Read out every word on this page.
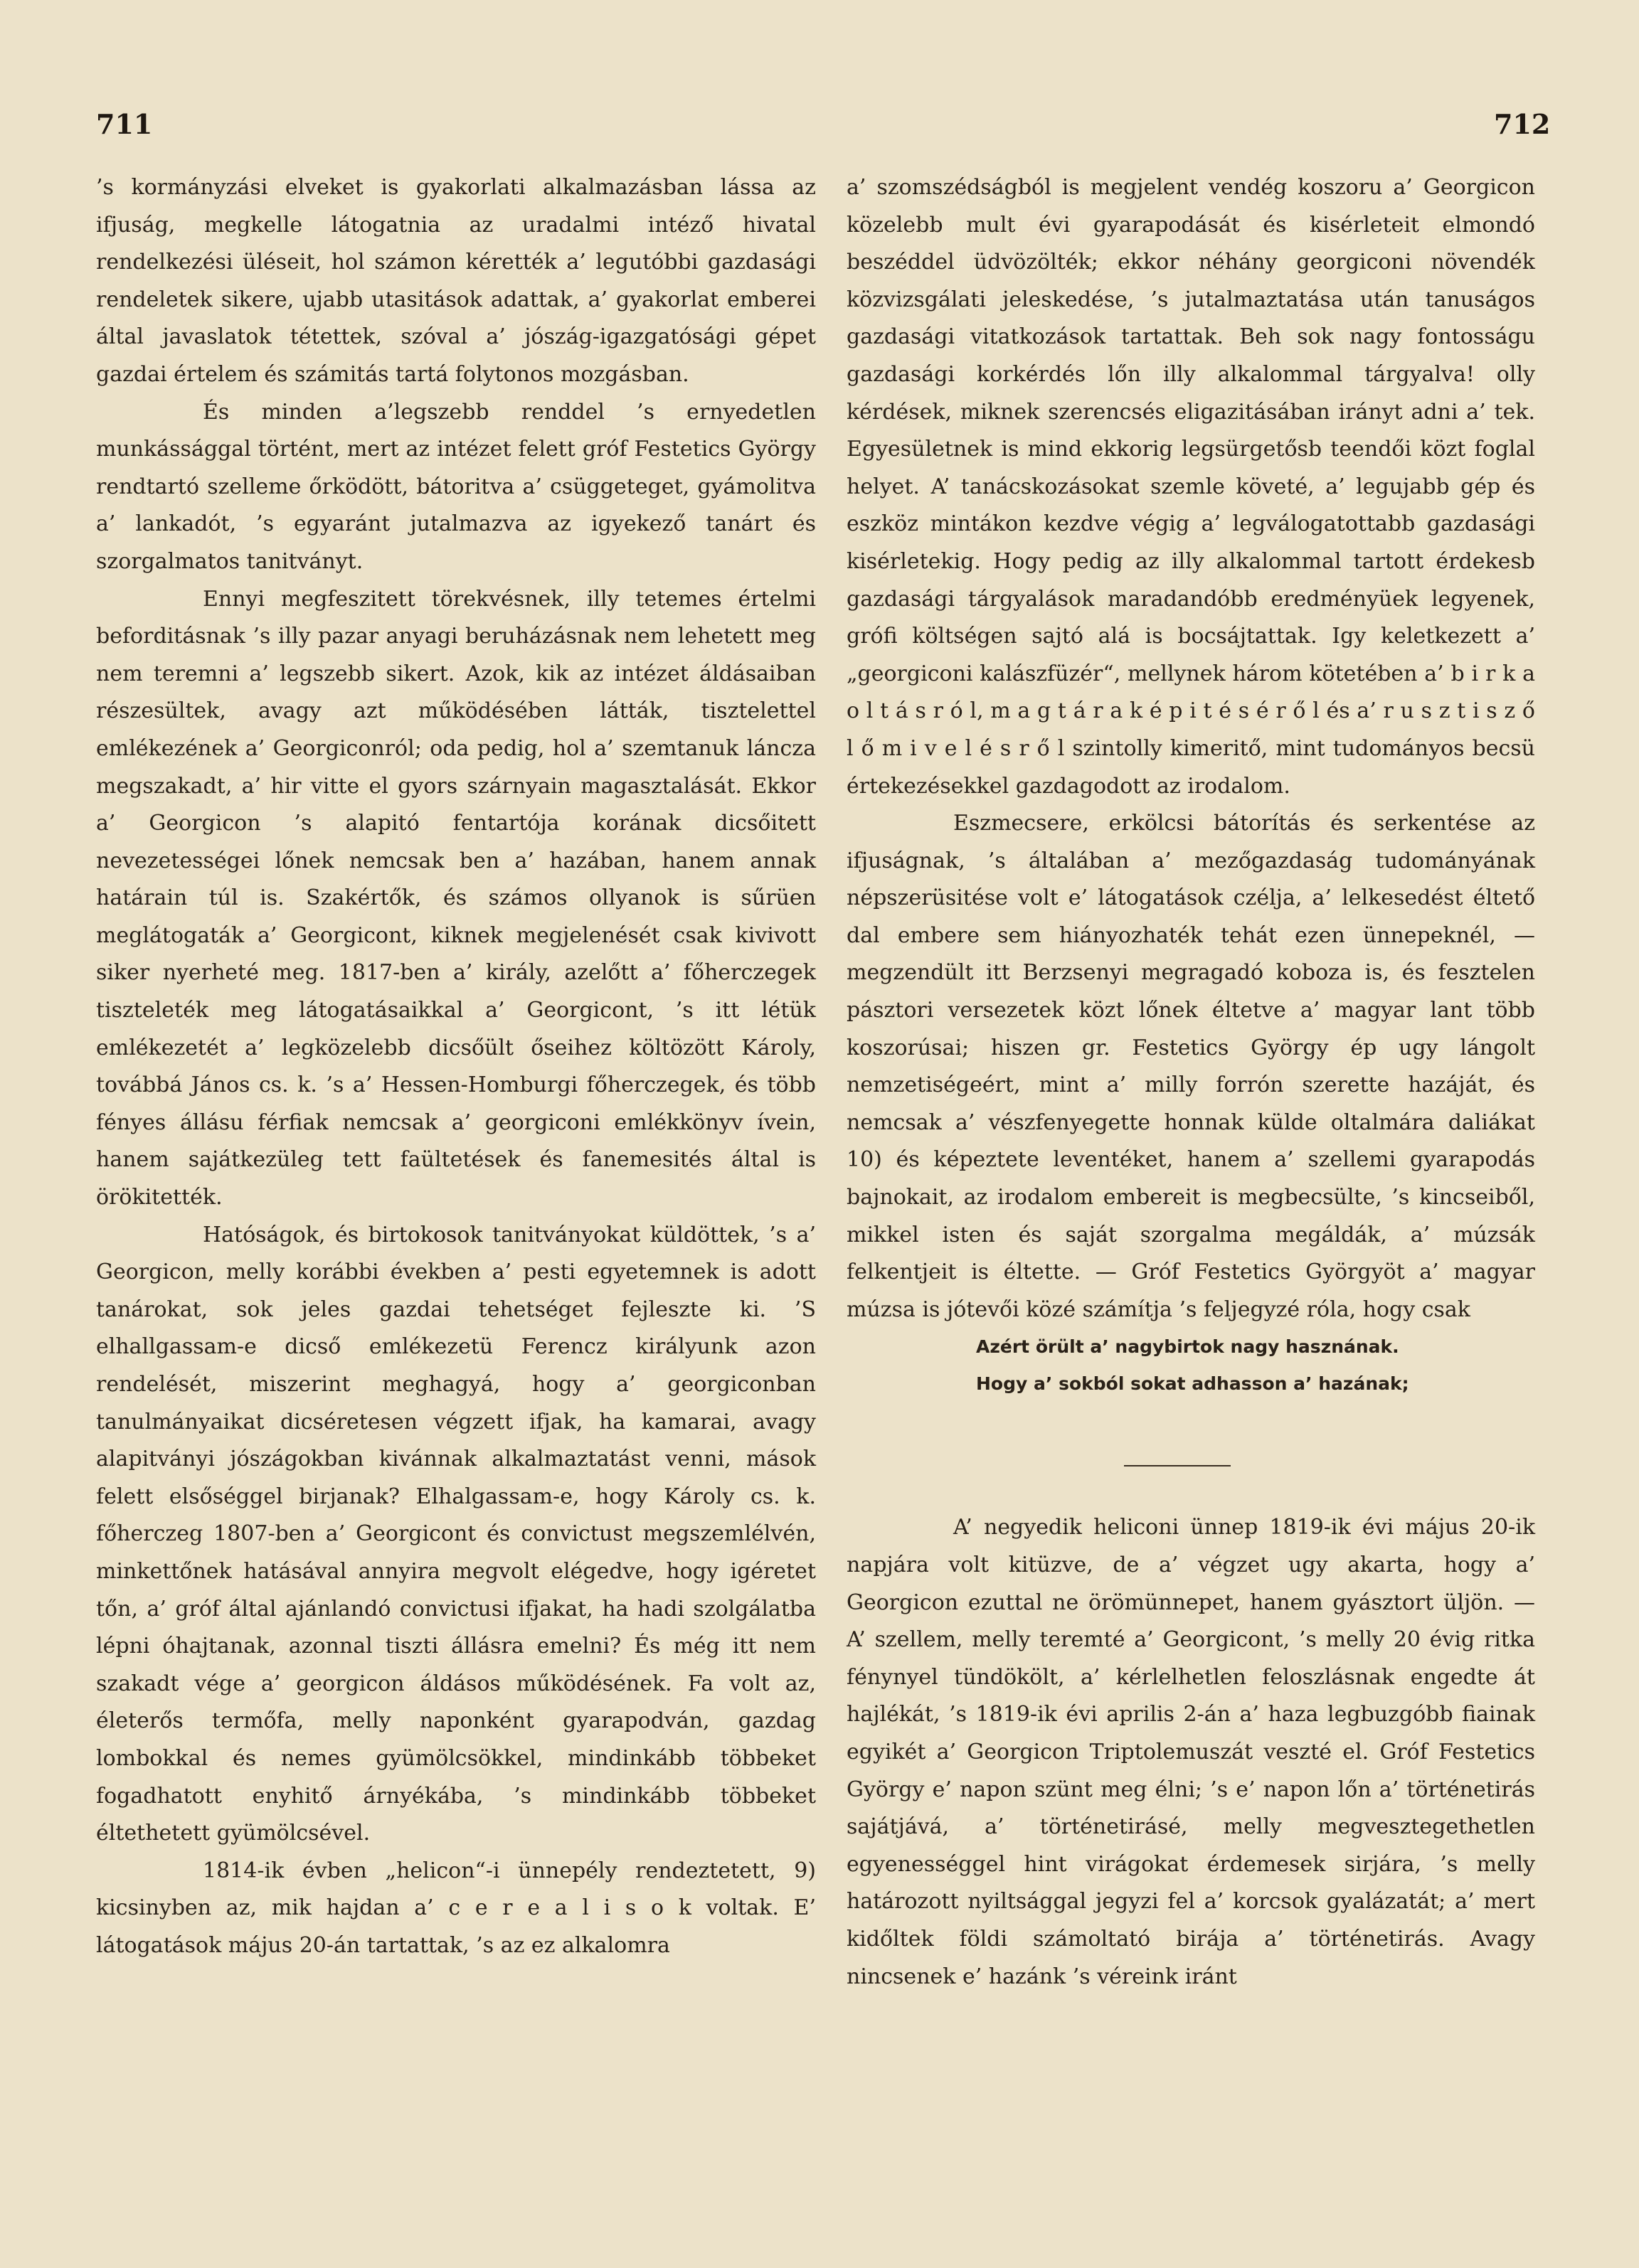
711	712

’s kormányzási elveket is gyakorlati alkalmazásban lássa az ifjuság, megkelle látogatnia az uradalmi intéző hivatal rendelkezési üléseit, hol számon kérették a’ legutóbbi gazdasági rendeletek sikere, ujabb utasitások adattak, a’ gyakorlat emberei által javaslatok tétettek, szóval a’ jószág-igazgatósági gépet gazdai értelem és számitás tartá folytonos mozgásban.

És minden a’legszebb renddel ’s ernyedetlen munkássággal történt, mert az intézet felett gróf Festetics György rendtartó szelleme őrködött, bátoritva a’ csüggeteget, gyámolitva a’ lankadót, ’s egyaránt jutalmazva az igyekező tanárt és szorgalmatos tanitványt.

Ennyi megfeszitett törekvésnek, illy tetemes értelmi beforditásnak ’s illy pazar anyagi beruházásnak nem lehetett meg nem teremni a’ legszebb sikert. Azok, kik az intézet áldásaiban részesültek, avagy azt működésében látták, tisztelettel emlékezének a’ Georgiconról; oda pedig, hol a’ szemtanuk láncza megszakadt, a’ hir vitte el gyors szárnyain magasztalását. Ekkor a’ Georgicon ’s alapitó fentartója korának dicsőitett nevezetességei lőnek nemcsak ben a’ hazában, hanem annak határain túl is. Szakértők, és számos ollyanok is sűrüen meglátogaták a’ Georgicont, kiknek megjelenését csak kivivott siker nyerheté meg. 1817-ben a’ király, azelőtt a’ főherczegek tiszteleték meg látogatásaikkal a’ Georgicont, ’s itt létük emlékezetét a’ legközelebb dicsőült őseihez költözött Károly, továbbá János cs. k. ’s a’ Hessen-Homburgi főherczegek, és több fényes állásu férfiak nemcsak a’ georgiconi emlékkönyv ívein, hanem sajátkezüleg tett faültetések és fanemesités által is örökitették.

Hatóságok, és birtokosok tanitványokat küldöttek, ’s a’ Georgicon, melly korábbi években a’ pesti egyetemnek is adott tanárokat, sok jeles gazdai tehetséget fejleszte ki. ’S elhallgassam-e dicső emlékezetü Ferencz királyunk azon rendelését, miszerint meghagyá, hogy a’ georgiconban tanulmányaikat dicséretesen végzett ifjak, ha kamarai, avagy alapitványi jószágokban kivánnak alkalmaztatást venni, mások felett elsőséggel birjanak? Elhalgassam-e, hogy Károly cs. k. főherczeg 1807-ben a’ Georgicont és convictust megszemlélvén, minkettőnek hatásával annyira megvolt elégedve, hogy igéretet tőn, a’ gróf által ajánlandó convictusi ifjakat, ha hadi szolgálatba lépni óhajtanak, azonnal tiszti állásra emelni? És még itt nem szakadt vége a’ georgicon áldásos működésének. Fa volt az, életerős termőfa, melly naponként gyarapodván, gazdag lombokkal és nemes gyümölcsökkel, mindinkább többeket fogadhatott enyhitő árnyékába, ’s mindinkább többeket éltethetett gyümölcsével.

1814-ik évben „helicon“-i ünnepély rendeztetett, 9) kicsinyben az, mik hajdan a’ c e r e a l i s o k voltak. E’ látogatások május 20-án tartattak, ’s az ez alkalomra

a’ szomszédságból is megjelent vendég koszoru a’ Georgicon közelebb mult évi gyarapodását és kisérleteit elmondó beszéddel üdvözölték; ekkor néhány georgiconi növendék közvizsgálati jeleskedése, ’s jutalmaztatása után tanuságos gazdasági vitatkozások tartattak. Beh sok nagy fontosságu gazdasági korkérdés lőn illy alkalommal tárgyalva! olly kérdések, miknek szerencsés eligazitásában irányt adni a’ tek. Egyesületnek is mind ekkorig legsürgetősb teendői közt foglal helyet. A’ tanácskozásokat szemle követé, a’ legujabb gép és eszköz mintákon kezdve végig a’ legválogatottabb gazdasági kisérletekig. Hogy pedig az illy alkalommal tartott érdekesb gazdasági tárgyalások maradandóbb eredményüek legyenek, grófi költségen sajtó alá is bocsájtattak. Igy keletkezett a’ „georgiconi kalászfüzér“, mellynek három kötetében a’ b i r k a o l t á s r ó l, m a g t á r a k é p i t é s é r ő l és a’ r u s z t i s z ő l ő m i v e l é s r ő l szintolly kimeritő, mint tudományos becsü értekezésekkel gazdagodott az irodalom.

Eszmecsere, erkölcsi bátorítás és serkentése az ifjuságnak, ’s általában a’ mezőgazdaság tudományának népszerüsitése volt e’ látogatások czélja, a’ lelkesedést éltető dal embere sem hiányozhaték tehát ezen ünnepeknél, — megzendült itt Berzsenyi megragadó koboza is, és fesztelen pásztori versezetek közt lőnek éltetve a’ magyar lant több koszorúsai; hiszen gr. Festetics György ép ugy lángolt nemzetiségeért, mint a’ milly forrón szerette hazáját, és nemcsak a’ vészfenyegette honnak külde oltalmára daliákat 10) és képeztete leventéket, hanem a’ szellemi gyarapodás bajnokait, az irodalom embereit is megbecsülte, ’s kincseiből, mikkel isten és saját szorgalma megáldák, a’ múzsák felkentjeit is éltette. — Gróf Festetics Györgyöt a’ magyar múzsa is jótevői közé számítja ’s feljegyzé róla, hogy csak

Azért örült a’ nagybirtok nagy hasznának.
Hogy a’ sokból sokat adhasson a’ hazának;

A’ negyedik heliconi ünnep 1819-ik évi május 20-ik napjára volt kitüzve, de a’ végzet ugy akarta, hogy a’ Georgicon ezuttal ne örömünnepet, hanem gyásztort üljön. — A’ szellem, melly teremté a’ Georgicont, ’s melly 20 évig ritka fénynyel tündökölt, a’ kérlelhetlen feloszlásnak engedte át hajlékát, ’s 1819-ik évi aprilis 2-án a’ haza legbuzgóbb fiainak egyikét a’ Georgicon Triptolemuszát veszté el. Gróf Festetics György e’ napon szünt meg élni; ’s e’ napon lőn a’ történetirás sajátjává, a’ történetirásé, melly megvesztegethetlen egyenességgel hint virágokat érdemesek sirjára, ’s melly határozott nyiltsággal jegyzi fel a’ korcsok gyalázatát; a’ mert kidőltek földi számoltató birája a’ történetirás. Avagy nincsenek e’ hazánk ’s véreink iránt
